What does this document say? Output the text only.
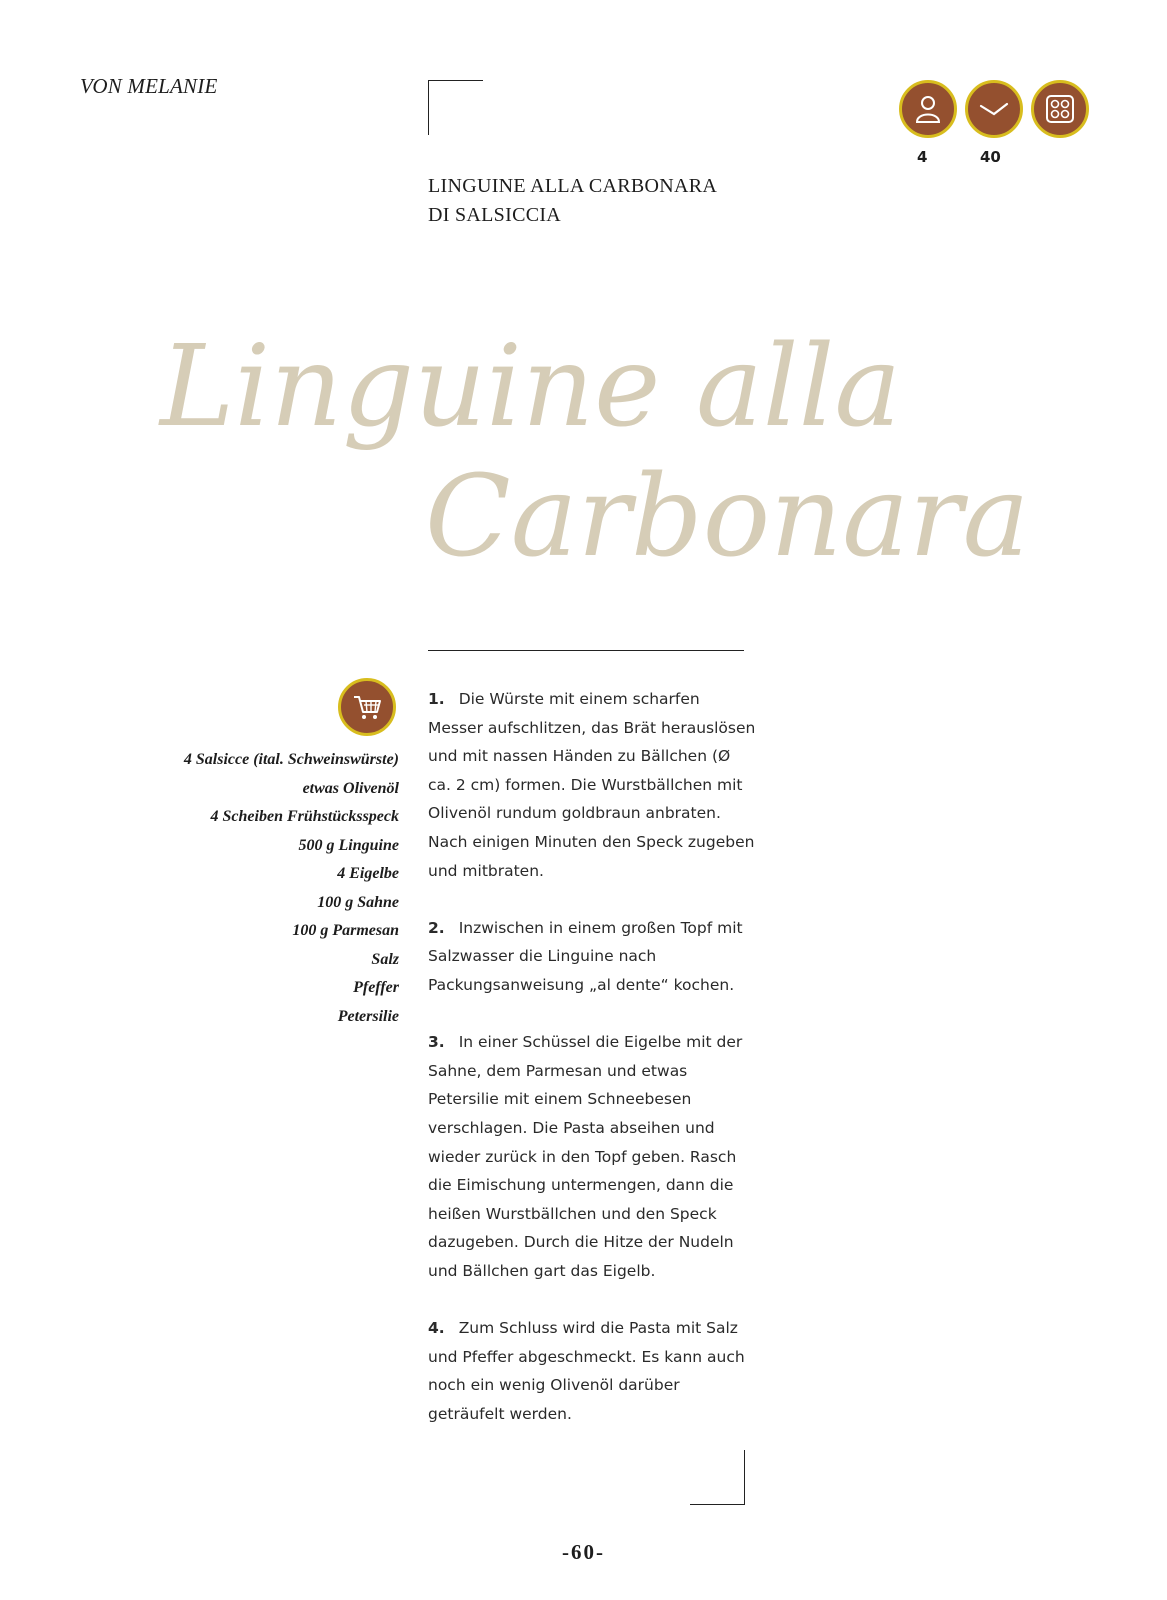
VON MELANIE
4	40
LINGUINE ALLA CARBONARA
DI SALSICCIA
Linguine alla
Carbonara
4 Salsicce (ital. Schweinswürste)
etwas Olivenöl
4 Scheiben Frühstücksspeck
500 g Linguine
4 Eigelbe
100 g Sahne
100 g Parmesan
Salz
Pfeffer
Petersilie
1. Die Würste mit einem scharfen Messer aufschlitzen, das Brät herauslösen und mit nassen Händen zu Bällchen (Ø ca. 2 cm) formen. Die Wurstbällchen mit Olivenöl rundum goldbraun anbraten. Nach einigen Minuten den Speck zugeben und mitbraten.
2. Inzwischen in einem großen Topf mit Salzwasser die Linguine nach Packungsanweisung „al dente“ kochen.
3. In einer Schüssel die Eigelbe mit der Sahne, dem Parmesan und etwas Petersilie mit einem Schneebesen verschlagen. Die Pasta abseihen und wieder zurück in den Topf geben. Rasch die Eimischung untermengen, dann die heißen Wurstbällchen und den Speck dazugeben. Durch die Hitze der Nudeln und Bällchen gart das Eigelb.
4. Zum Schluss wird die Pasta mit Salz und Pfeffer abgeschmeckt. Es kann auch noch ein wenig Olivenöl darüber geträufelt werden.
-60-
